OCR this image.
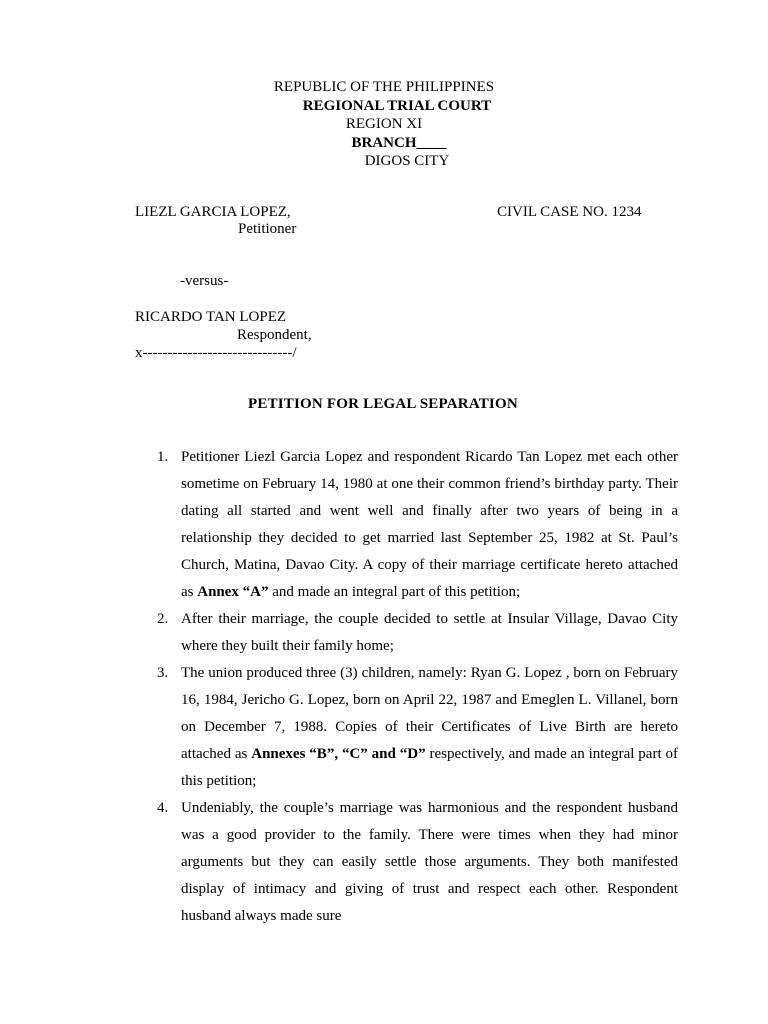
REPUBLIC OF THE PHILIPPINES
REGIONAL TRIAL COURT
REGION XI
BRANCH____
DIGOS CITY
LIEZL GARCIA LOPEZ,	CIVIL CASE NO. 1234
Petitioner
-versus-
RICARDO TAN LOPEZ
Respondent,
x------------------------------/
PETITION FOR LEGAL SEPARATION
1. Petitioner Liezl Garcia Lopez and respondent Ricardo Tan Lopez met each other sometime on February 14, 1980 at one their common friend’s birthday party. Their dating all started and went well and finally after two years of being in a relationship they decided to get married last September 25, 1982 at St. Paul’s Church, Matina, Davao City. A copy of their marriage certificate hereto attached as Annex “A” and made an integral part of this petition;
2. After their marriage, the couple decided to settle at Insular Village, Davao City where they built their family home;
3. The union produced three (3) children, namely: Ryan G. Lopez , born on February 16, 1984, Jericho G. Lopez, born on April 22, 1987 and Emeglen L. Villanel, born on December 7, 1988. Copies of their Certificates of Live Birth are hereto attached as Annexes “B”, “C” and “D” respectively, and made an integral part of this petition;
4. Undeniably, the couple’s marriage was harmonious and the respondent husband was a good provider to the family. There were times when they had minor arguments but they can easily settle those arguments. They both manifested display of intimacy and giving of trust and respect each other. Respondent husband always made sure
